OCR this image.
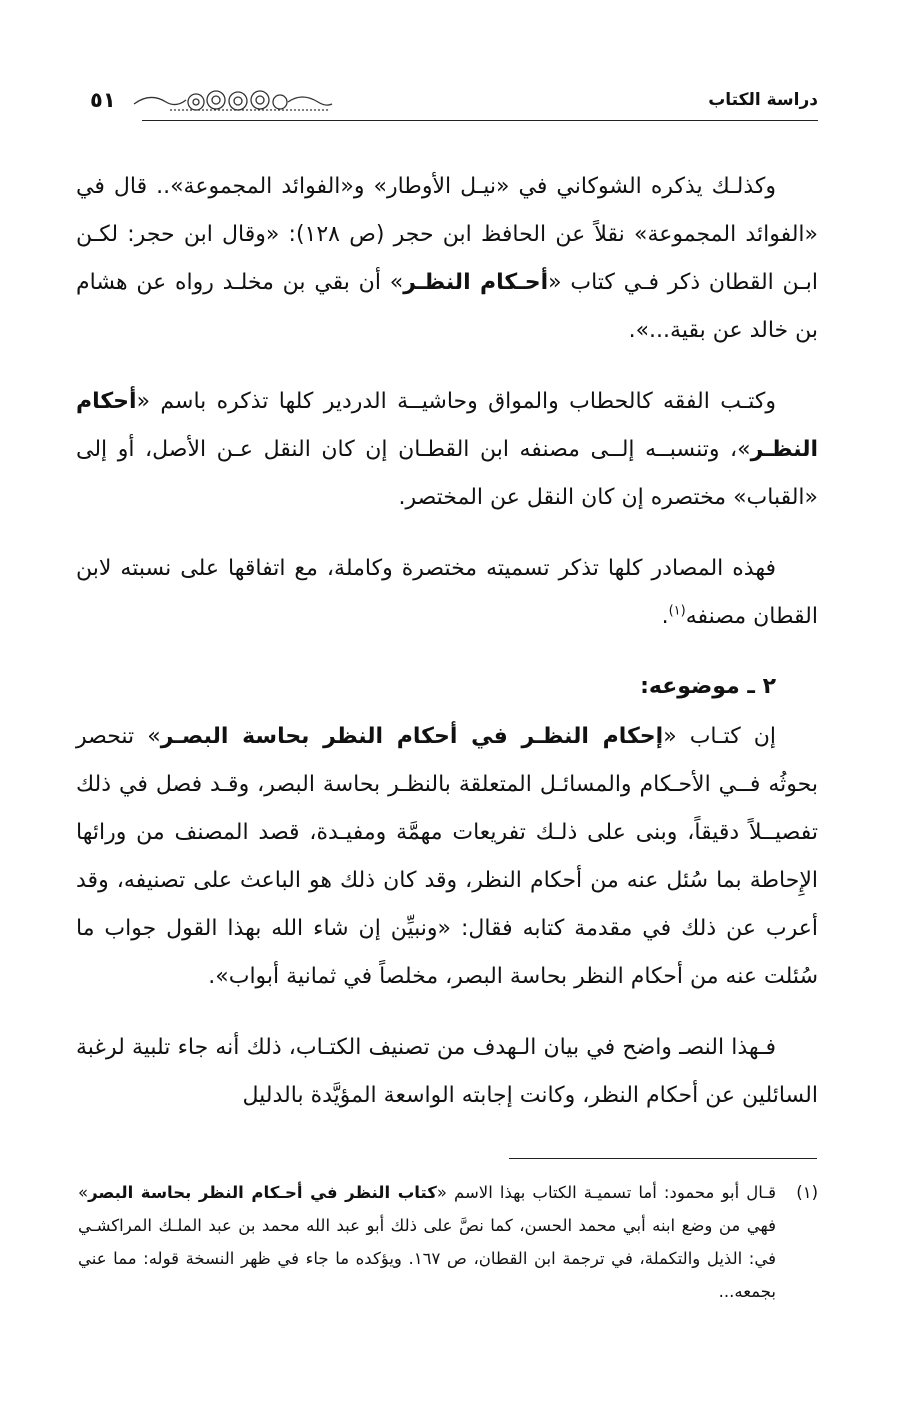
دراسة الكتاب
٥١

وكذلـك يذكره الشوكاني في «نيـل الأوطار» و«الفوائد المجموعة».. قال في «الفوائد المجموعة» نقلاً عن الحافظ ابن حجر (ص ١٢٨): «وقال ابن حجر: لكـن ابـن القطان ذكر فـي كتاب «أحـكام النظـر» أن بقي بن مخلـد رواه عن هشام بن خالد عن بقية...».

وكتـب الفقه كالحطاب والمواق وحاشيــة الدردير كلها تذكره باسم «أحكام النظـر»، وتنسبــه إلــى مصنفه ابن القطـان إن كان النقل عـن الأصل، أو إلى «القباب» مختصره إن كان النقل عن المختصر.

فهذه المصادر كلها تذكر تسميته مختصرة وكاملة، مع اتفاقها على نسبته لابن القطان مصنفه$^{(١)}$.

٢ ـ موضوعه:

إن كتـاب «إحكام النظـر في أحكام النظر بحاسة البصـر» تنحصر بحوثُه فــي الأحـكام والمسائـل المتعلقة بالنظـر بحاسة البصر، وقـد فصل في ذلك تفصيــلاً دقيقاً، وبنى على ذلـك تفريعات مهمَّة ومفيـدة، قصد المصنف من ورائها الإِحاطة بما سُئل عنه من أحكام النظر، وقد كان ذلك هو الباعث على تصنيفه، وقد أعرب عن ذلك في مقدمة كتابه فقال: «ونبيِّن إن شاء الله بهذا القول جواب ما سُئلت عنه من أحكام النظر بحاسة البصر، مخلصاً في ثمانية أبواب».

فـهذا النصـ واضح في بيان الـهدف من تصنيف الكتـاب، ذلك أنه جاء تلبية لرغبة السائلين عن أحكام النظر، وكانت إجابته الواسعة المؤيَّدة بالدليل

(١)قـال أبو محمود: أما تسميـة الكتاب بهذا الاسم «كتاب النظر في أحـكام النظر بحاسة البصر» فهي من وضع ابنه أبي محمد الحسن، كما نصَّ على ذلك أبو عبد الله محمد بن عبد الملـك المراكشـي في: الذيل والتكملة، في ترجمة ابن القطان، ص ١٦٧. ويؤكده ما جاء في ظهر النسخة قوله: مما عني بجمعه...
